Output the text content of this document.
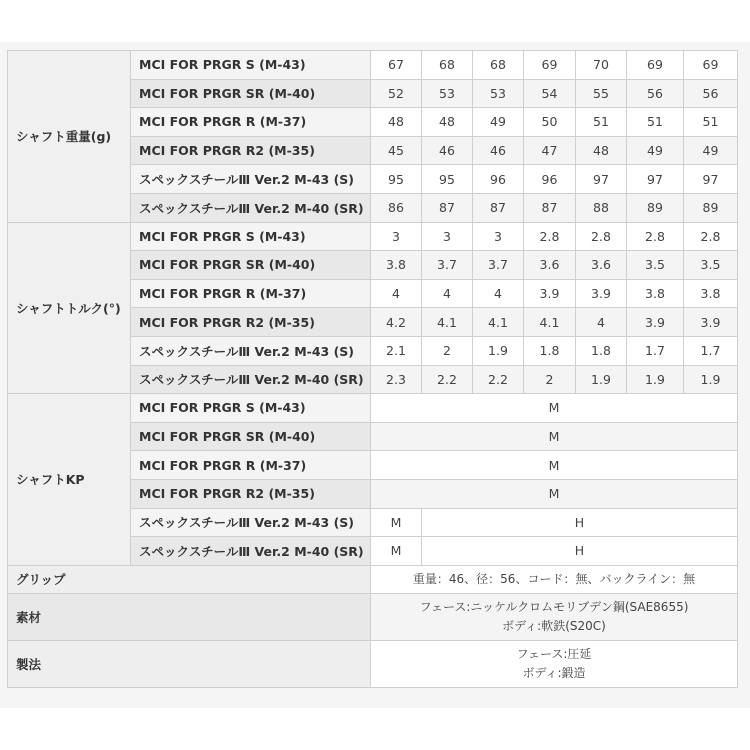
シャフト重量(g)	MCI FOR PRGR S (M-43)	67	68	68	69	70	69	69
	MCI FOR PRGR SR (M-40)	52	53	53	54	55	56	56
	MCI FOR PRGR R (M-37)	48	48	49	50	51	51	51
	MCI FOR PRGR R2 (M-35)	45	46	46	47	48	49	49
	スペックスチールⅢ Ver.2 M-43 (S)	95	95	96	96	97	97	97
	スペックスチールⅢ Ver.2 M-40 (SR)	86	87	87	87	88	89	89
シャフトトルク(°)	MCI FOR PRGR S (M-43)	3	3	3	2.8	2.8	2.8	2.8
	MCI FOR PRGR SR (M-40)	3.8	3.7	3.7	3.6	3.6	3.5	3.5
	MCI FOR PRGR R (M-37)	4	4	4	3.9	3.9	3.8	3.8
	MCI FOR PRGR R2 (M-35)	4.2	4.1	4.1	4.1	4	3.9	3.9
	スペックスチールⅢ Ver.2 M-43 (S)	2.1	2	1.9	1.8	1.8	1.7	1.7
	スペックスチールⅢ Ver.2 M-40 (SR)	2.3	2.2	2.2	2	1.9	1.9	1.9
シャフトKP	MCI FOR PRGR S (M-43)	M						
	MCI FOR PRGR SR (M-40)	M						
	MCI FOR PRGR R (M-37)	M						
	MCI FOR PRGR R2 (M-35)	M						
	スペックスチールⅢ Ver.2 M-43 (S)	M	H					
	スペックスチールⅢ Ver.2 M-40 (SR)	M	H					
グリップ		重量：46、径：56、コード：無、バックライン：無						
素材		フェース:ニッケルクロムモリブデン鋼(SAE8655)
ボディ:軟鉄(S20C)						

製法		フェース:圧延
ボディ:鍛造						
